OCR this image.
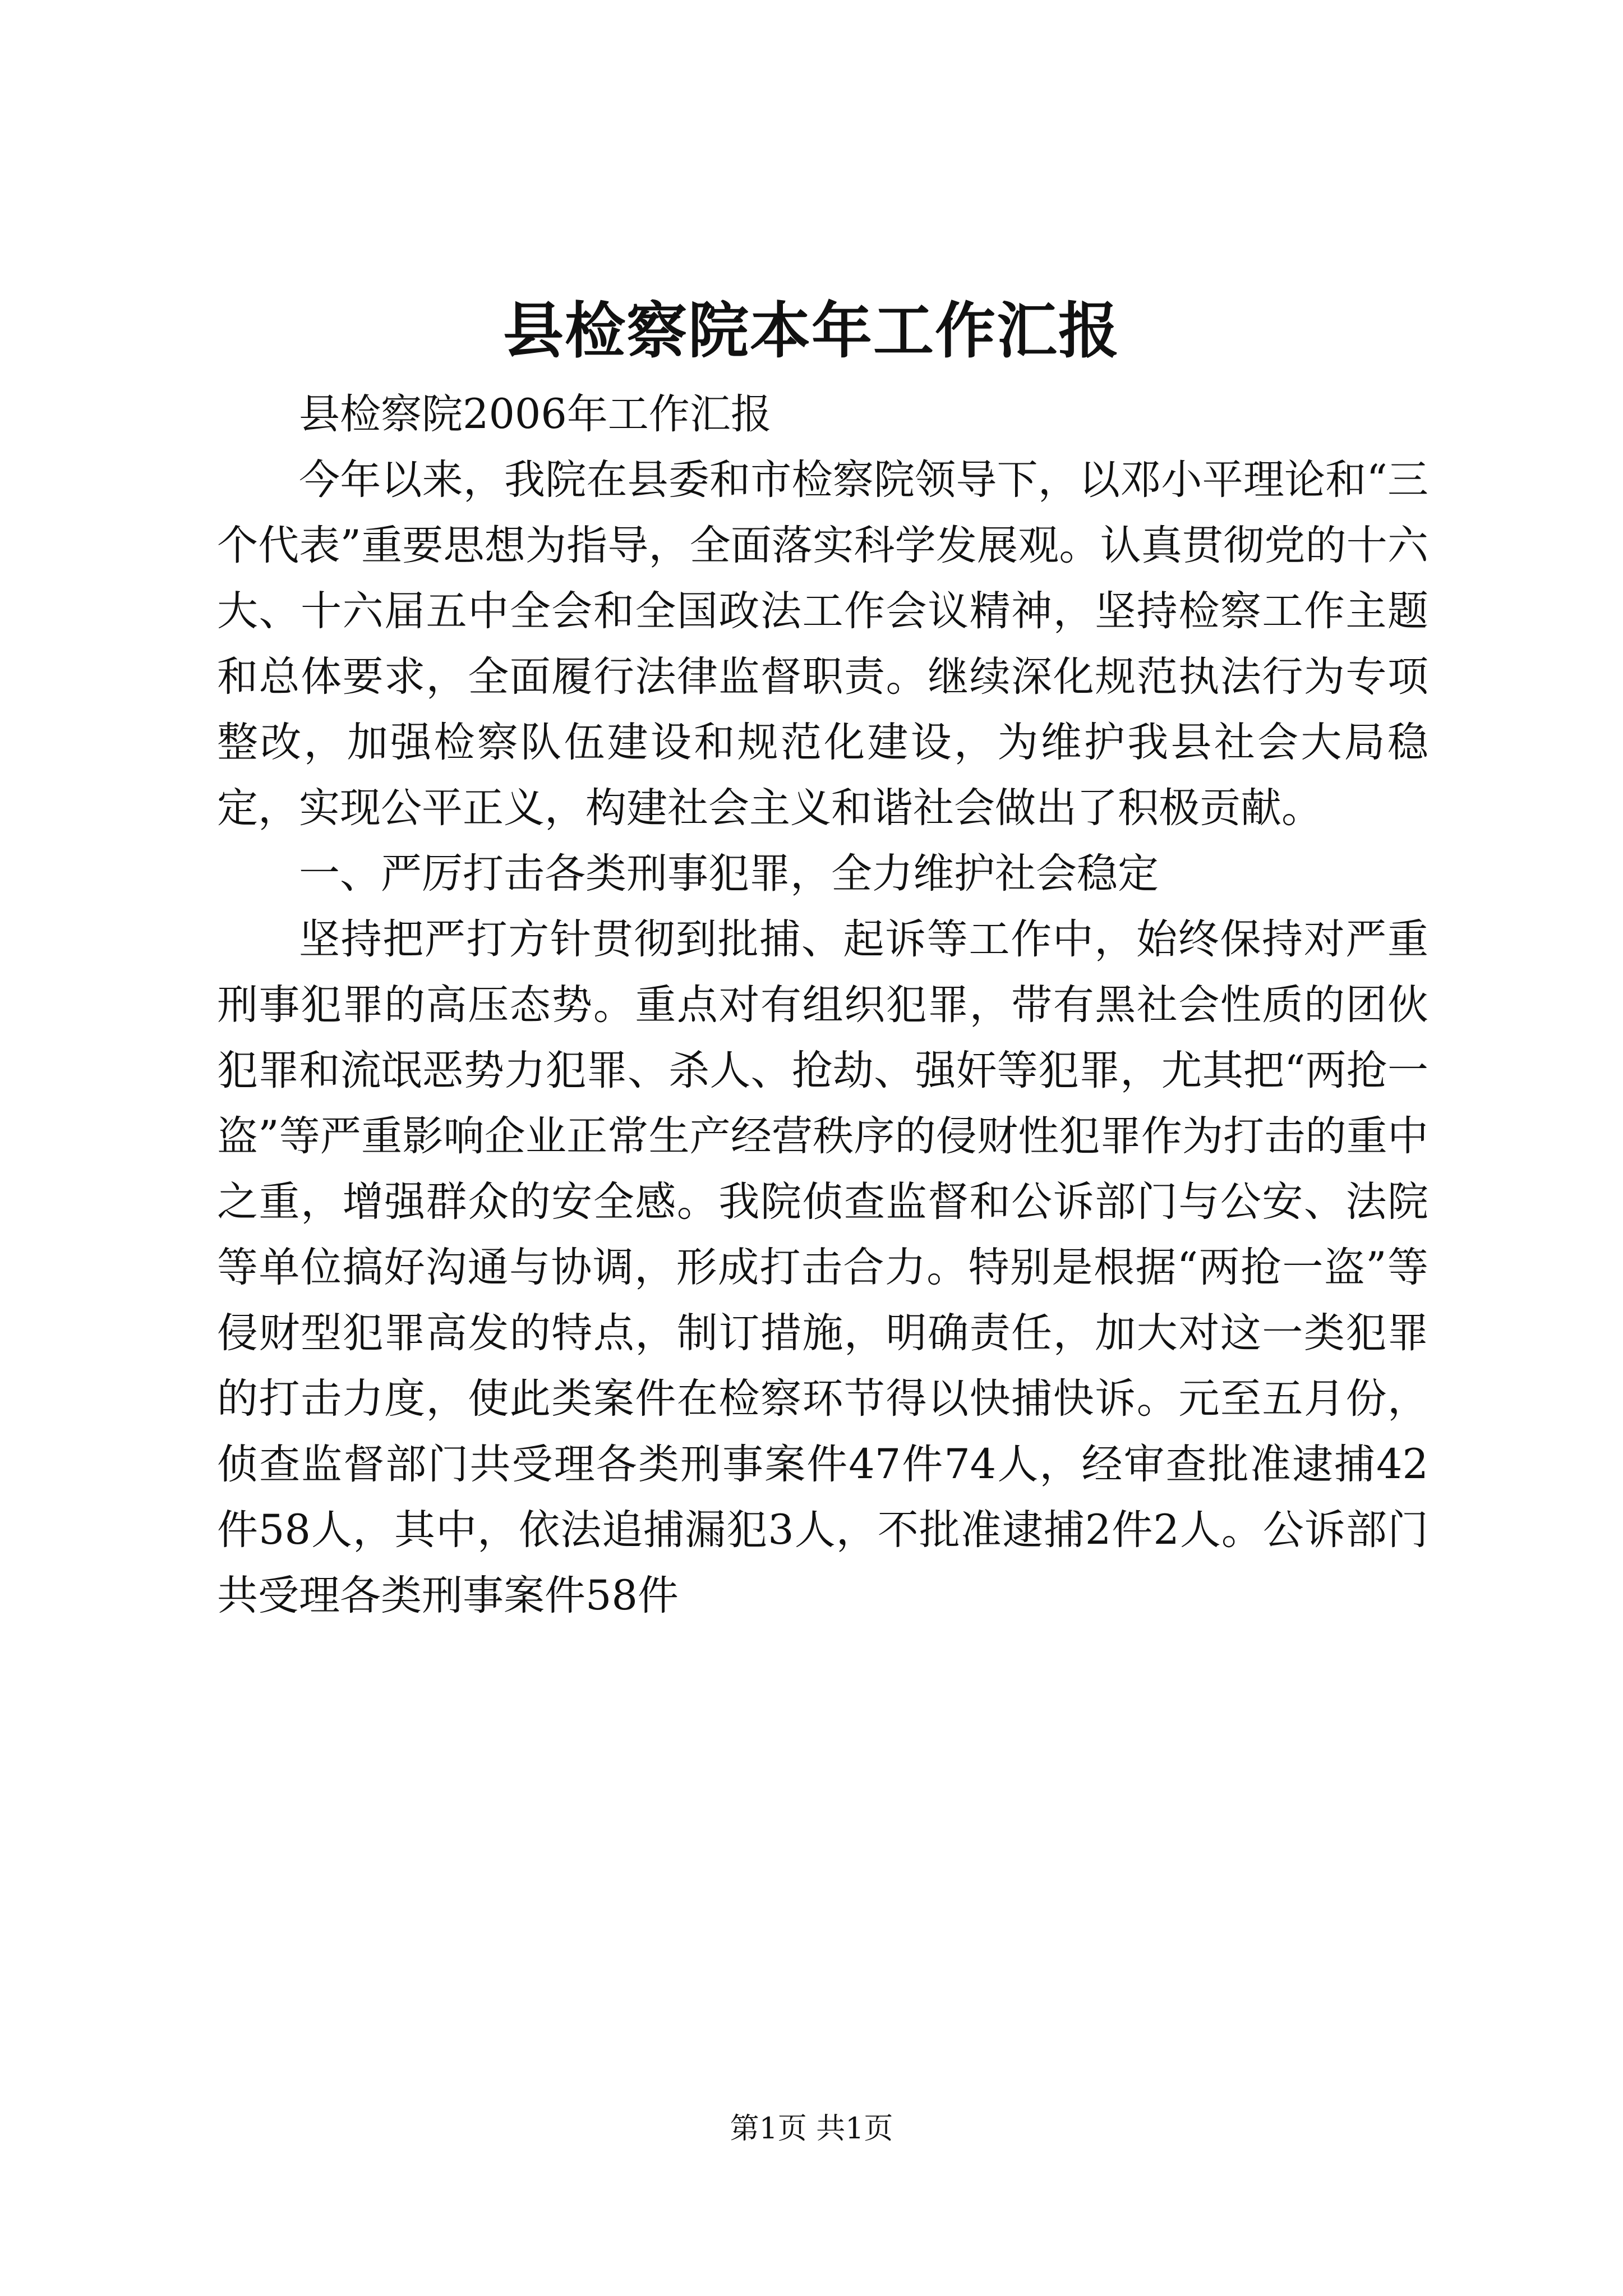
县检察院本年工作汇报

县检察院2006年工作汇报

今年以来，我院在县委和市检察院领导下，以邓小平理论和“三个代表”重要思想为指导，全面落实科学发展观。认真贯彻党的十六大、十六届五中全会和全国政法工作会议精神，坚持检察工作主题和总体要求，全面履行法律监督职责。继续深化规范执法行为专项整改，加强检察队伍建设和规范化建设，为维护我县社会大局稳定，实现公平正义，构建社会主义和谐社会做出了积极贡献。

一、严厉打击各类刑事犯罪，全力维护社会稳定

坚持把严打方针贯彻到批捕、起诉等工作中，始终保持对严重刑事犯罪的高压态势。重点对有组织犯罪，带有黑社会性质的团伙犯罪和流氓恶势力犯罪、杀人、抢劫、强奸等犯罪，尤其把“两抢一盗”等严重影响企业正常生产经营秩序的侵财性犯罪作为打击的重中之重，增强群众的安全感。我院侦查监督和公诉部门与公安、法院等单位搞好沟通与协调，形成打击合力。特别是根据“两抢一盗”等侵财型犯罪高发的特点，制订措施，明确责任，加大对这一类犯罪的打击力度，使此类案件在检察环节得以快捕快诉。元至五月份，侦查监督部门共受理各类刑事案件47件74人，经审查批准逮捕42件58人，其中，依法追捕漏犯3人，不批准逮捕2件2人。公诉部门共受理各类刑事案件58件

第1页 共1页
